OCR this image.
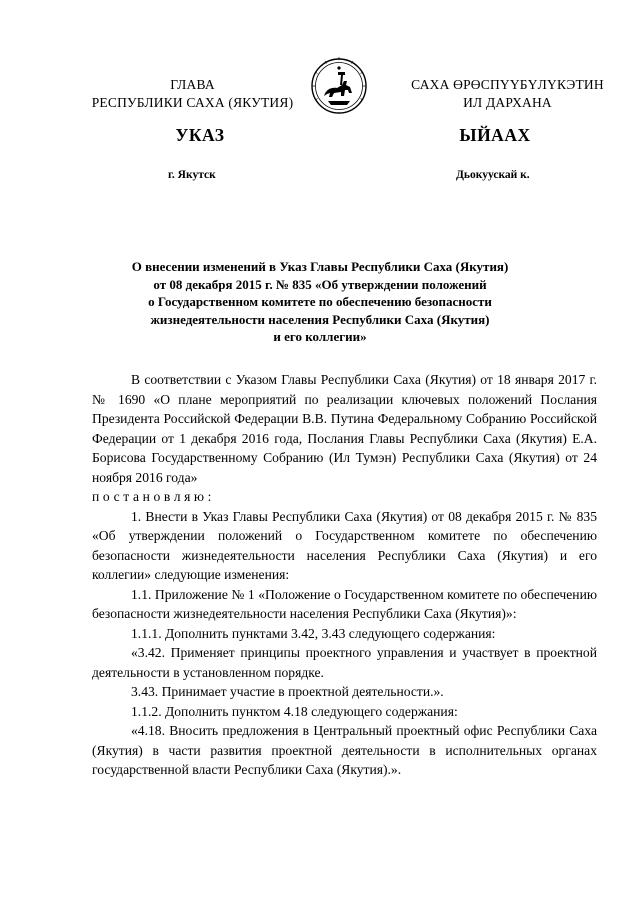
ГЛАВА
РЕСПУБЛИКИ САХА (ЯКУТИЯ)
САХА ӨРӨСПҮҮБҮЛҮКЭТИН
ИЛ ДАРХАНА
УКАЗ	ЫЙААХ
г. Якутск	Дьокуускай к.
О внесении изменений в Указ Главы Республики Саха (Якутия)
от 08 декабря 2015 г. № 835 «Об утверждении положений
о Государственном комитете по обеспечению безопасности
жизнедеятельности населения Республики Саха (Якутия)
и его коллегии»

В соответствии с Указом Главы Республики Саха (Якутия) от 18 января 2017 г. № 1690 «О плане мероприятий по реализации ключевых положений Послания Президента Российской Федерации В.В. Путина Федеральному Собранию Российской Федерации от 1 декабря 2016 года, Послания Главы Республики Саха (Якутия) Е.А. Борисова Государственному Собранию (Ил Тумэн) Республики Саха (Якутия) от 24 ноября 2016 года»

постановляю:

1. Внести в Указ Главы Республики Саха (Якутия) от 08 декабря 2015 г. № 835 «Об утверждении положений о Государственном комитете по обеспечению безопасности жизнедеятельности населения Республики Саха (Якутия) и его коллегии» следующие изменения:

1.1. Приложение № 1 «Положение о Государственном комитете по обеспечению безопасности жизнедеятельности населения Республики Саха (Якутия)»:

1.1.1. Дополнить пунктами 3.42, 3.43 следующего содержания:

«3.42. Применяет принципы проектного управления и участвует в проектной деятельности в установленном порядке.

3.43. Принимает участие в проектной деятельности.».

1.1.2. Дополнить пунктом 4.18 следующего содержания:

«4.18. Вносить предложения в Центральный проектный офис Республики Саха (Якутия) в части развития проектной деятельности в исполнительных органах государственной власти Республики Саха (Якутия).».
